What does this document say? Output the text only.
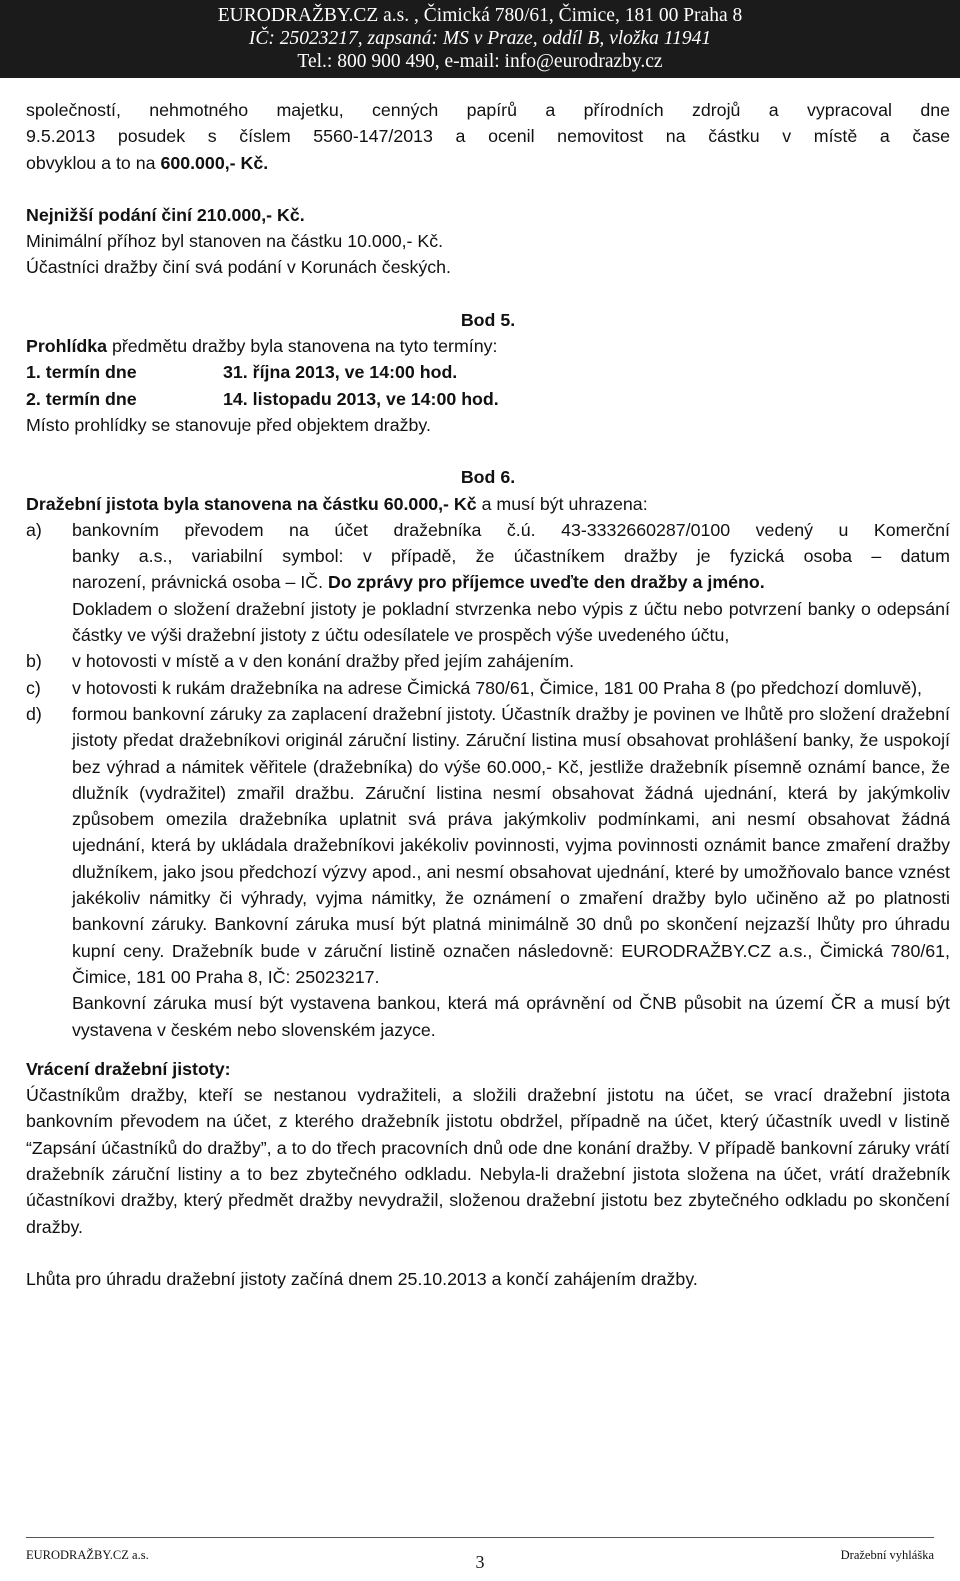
EURODRAŽBY.CZ a.s. , Čimická 780/61, Čimice, 181 00 Praha 8
IČ: 25023217, zapsaná: MS v Praze, oddíl B, vložka 11941
Tel.: 800 900 490, e-mail: info@eurodrazby.cz

společností, nehmotného majetku, cenných papírů a přírodních zdrojů a vypracoval dne

9.5.2013 posudek s číslem 5560-147/2013 a ocenil nemovitost na částku v místě a čase

obvyklou a to na 600.000,- Kč.

Nejnižší podání činí 210.000,- Kč.

Minimální příhoz byl stanoven na částku 10.000,- Kč.

Účastníci dražby činí svá podání v Korunách českých.

Bod 5.

Prohlídka předmětu dražby byla stanovena na tyto termíny:

1. termín dne	31. října 2013, ve 14:00 hod.
2. termín dne	14. listopadu 2013, ve 14:00 hod.

Místo prohlídky se stanovuje před objektem dražby.

Bod 6.

Dražební jistota byla stanovena na částku 60.000,- Kč a musí být uhrazena:

a) bankovním převodem na účet dražebníka č.ú. 43-3332660287/0100 vedený u Komerční

banky a.s., variabilní symbol: v případě, že účastníkem dražby je fyzická osoba – datum

narození, právnická osoba – IČ. Do zprávy pro příjemce uveďte den dražby a jméno.

Dokladem o složení dražební jistoty je pokladní stvrzenka nebo výpis z účtu nebo potvrzení banky o odepsání částky ve výši dražební jistoty z účtu odesílatele ve prospěch výše uvedeného účtu,

b) v hotovosti v místě a v den konání dražby před jejím zahájením.

c) v hotovosti k rukám dražebníka na adrese Čimická 780/61, Čimice, 181 00 Praha 8 (po předchozí domluvě),

d) formou bankovní záruky za zaplacení dražební jistoty. Účastník dražby je povinen ve lhůtě pro složení dražební jistoty předat dražebníkovi originál záruční listiny. Záruční listina musí obsahovat prohlášení banky, že uspokojí bez výhrad a námitek věřitele (dražebníka) do výše 60.000,- Kč, jestliže dražebník písemně oznámí bance, že dlužník (vydražitel) zmařil dražbu. Záruční listina nesmí obsahovat žádná ujednání, která by jakýmkoliv způsobem omezila dražebníka uplatnit svá práva jakýmkoliv podmínkami, ani nesmí obsahovat žádná ujednání, která by ukládala dražebníkovi jakékoliv povinnosti, vyjma povinnosti oznámit bance zmaření dražby dlužníkem, jako jsou předchozí výzvy apod., ani nesmí obsahovat ujednání, které by umožňovalo bance vznést jakékoliv námitky či výhrady, vyjma námitky, že oznámení o zmaření dražby bylo učiněno až po platnosti bankovní záruky. Bankovní záruka musí být platná minimálně 30 dnů po skončení nejzazší lhůty pro úhradu kupní ceny. Dražebník bude v záruční listině označen následovně: EURODRAŽBY.CZ a.s., Čimická 780/61, Čimice, 181 00 Praha 8, IČ: 25023217.

Bankovní záruka musí být vystavena bankou, která má oprávnění od ČNB působit na území ČR a musí být vystavena v českém nebo slovenském jazyce.

Vrácení dražební jistoty:

Účastníkům dražby, kteří se nestanou vydražiteli, a složili dražební jistotu na účet, se vrací dražební jistota bankovním převodem na účet, z kterého dražebník jistotu obdržel, případně na účet, který účastník uvedl v listině “Zapsání účastníků do dražby”, a to do třech pracovních dnů ode dne konání dražby. V případě bankovní záruky vrátí dražebník záruční listiny a to bez zbytečného odkladu. Nebyla-li dražební jistota složena na účet, vrátí dražebník účastníkovi dražby, který předmět dražby nevydražil, složenou dražební jistotu bez zbytečného odkladu po skončení dražby.

Lhůta pro úhradu dražební jistoty začíná dnem 25.10.2013 a končí zahájením dražby.

EURODRAŽBY.CZ a.s.	3	Dražební vyhláška
